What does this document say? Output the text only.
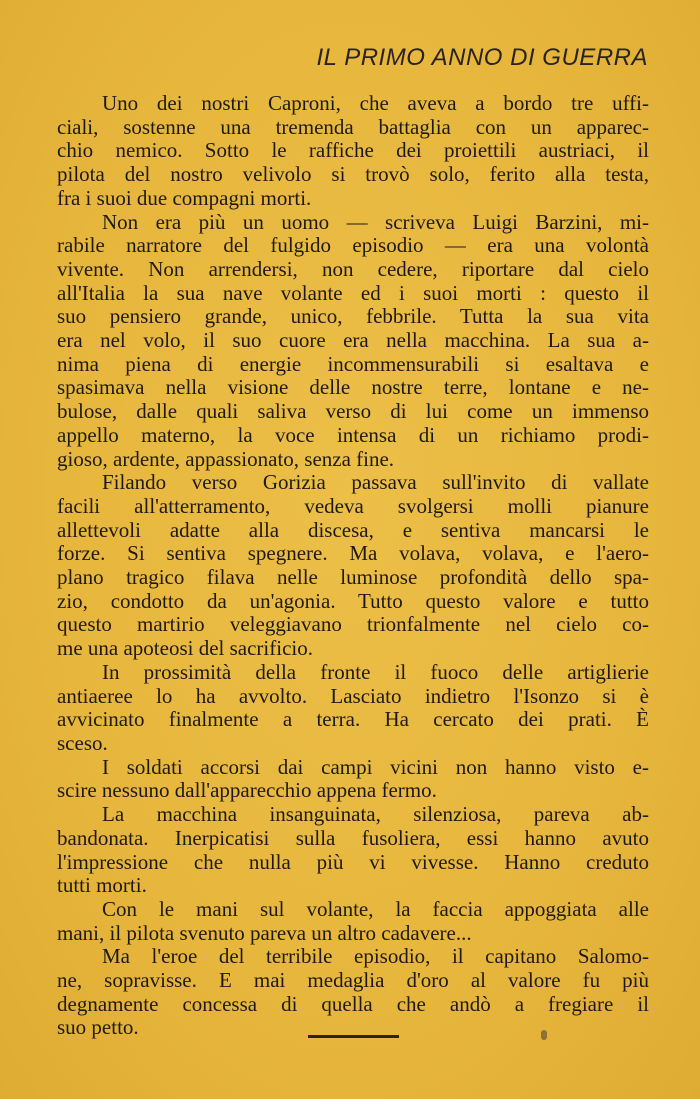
IL PRIMO ANNO DI GUERRA

Uno dei nostri Caproni, che aveva a bordo tre uffi-
ciali, sostenne una tremenda battaglia con un apparec-
chio nemico. Sotto le raffiche dei proiettili austriaci, il
pilota del nostro velivolo si trovò solo, ferito alla testa,
fra i suoi due compagni morti.

Non era più un uomo — scriveva Luigi Barzini, mi-
rabile narratore del fulgido episodio — era una volontà
vivente. Non arrendersi, non cedere, riportare dal cielo
all'Italia la sua nave volante ed i suoi morti : questo il
suo pensiero grande, unico, febbrile. Tutta la sua vita
era nel volo, il suo cuore era nella macchina. La sua a-
nima piena di energie incommensurabili si esaltava e
spasimava nella visione delle nostre terre, lontane e ne-
bulose, dalle quali saliva verso di lui come un immenso
appello materno, la voce intensa di un richiamo prodi-
gioso, ardente, appassionato, senza fine.

Filando verso Gorizia passava sull'invito di vallate
facili all'atterramento, vedeva svolgersi molli pianure
allettevoli adatte alla discesa, e sentiva mancarsi le
forze. Si sentiva spegnere. Ma volava, volava, e l'aero-
plano tragico filava nelle luminose profondità dello spa-
zio, condotto da un'agonia. Tutto questo valore e tutto
questo martirio veleggiavano trionfalmente nel cielo co-
me una apoteosi del sacrificio.

In prossimità della fronte il fuoco delle artiglierie
antiaeree lo ha avvolto. Lasciato indietro l'Isonzo si è
avvicinato finalmente a terra. Ha cercato dei prati. È
sceso.

I soldati accorsi dai campi vicini non hanno visto e-
scire nessuno dall'apparecchio appena fermo.

La macchina insanguinata, silenziosa, pareva ab-
bandonata. Inerpicatisi sulla fusoliera, essi hanno avuto
l'impressione che nulla più vi vivesse. Hanno creduto
tutti morti.

Con le mani sul volante, la faccia appoggiata alle
mani, il pilota svenuto pareva un altro cadavere...

Ma l'eroe del terribile episodio, il capitano Salomo-
ne, sopravisse. E mai medaglia d'oro al valore fu più
degnamente concessa di quella che andò a fregiare il
suo petto.
